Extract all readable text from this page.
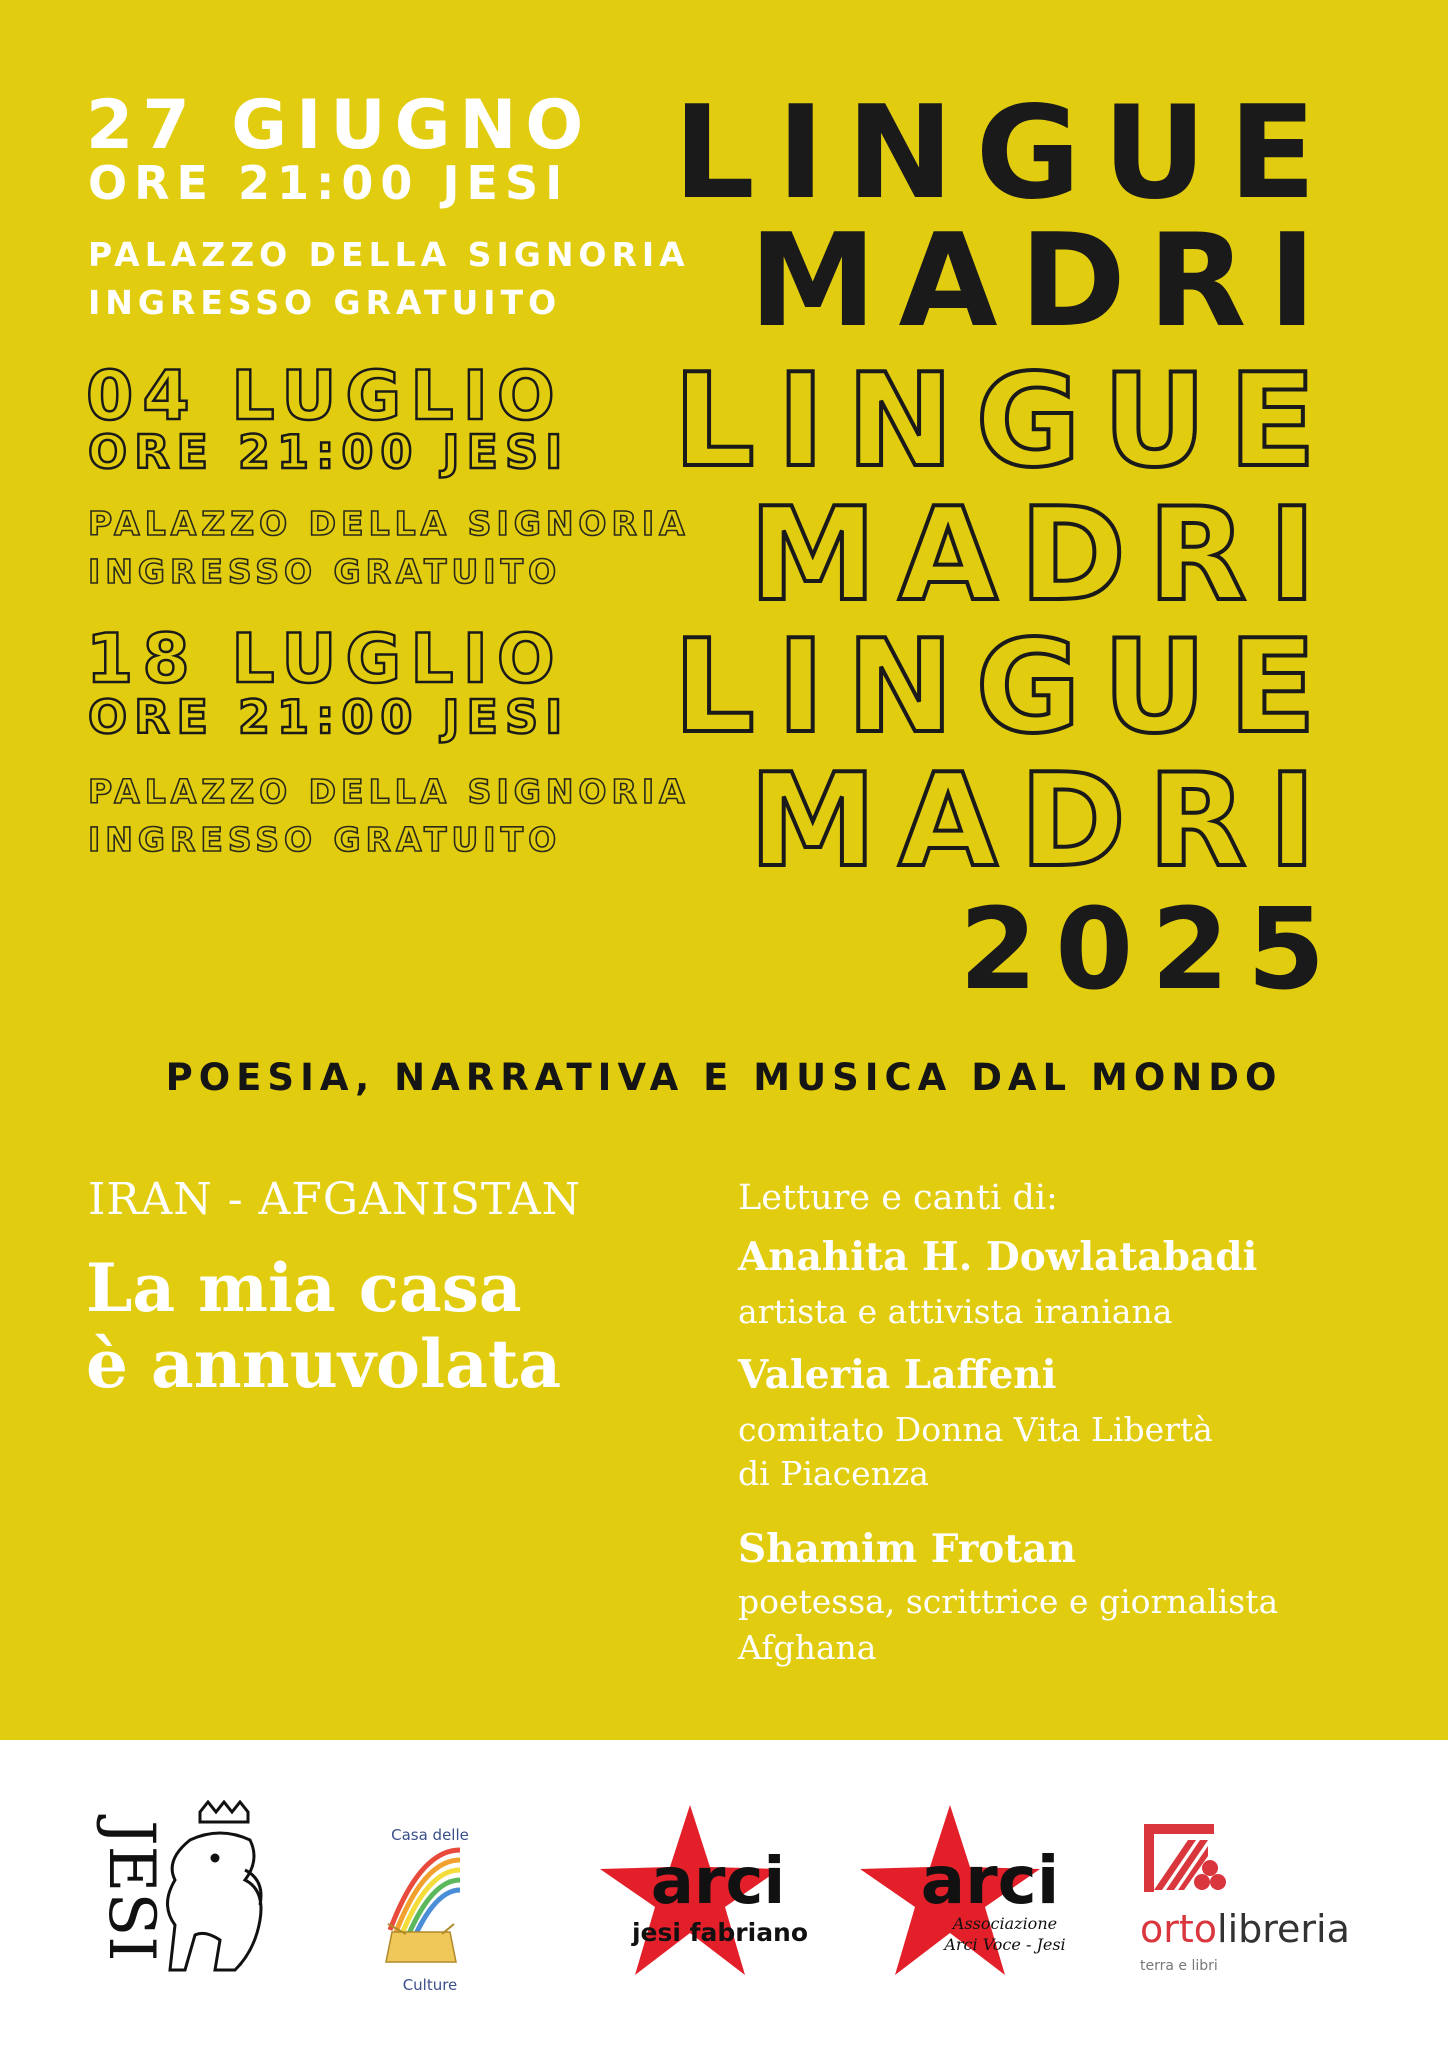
27 GIUGNO
ORE 21:00 JESI
PALAZZO DELLA SIGNORIA
INGRESSO GRATUITO
04 LUGLIO
ORE 21:00 JESI
PALAZZO DELLA SIGNORIA
INGRESSO GRATUITO
18 LUGLIO
ORE 21:00 JESI
PALAZZO DELLA SIGNORIA
INGRESSO GRATUITO
LINGUE
MADRI
LINGUE
MADRI
LINGUE
MADRI
2025
POESIA, NARRATIVA E MUSICA DAL MONDO
IRAN - AFGANISTAN
La mia casa
è annuvolata
Letture e canti di:
Anahita H. Dowlatabadi
artista e attivista iraniana
Valeria Laffeni
comitato Donna Vita Libertà
di Piacenza
Shamim Frotan
poetessa, scrittrice e giornalista
Afghana
JESI	Casa delle
Culture
arci
jesi fabriano
arci
Associazione
Arci Voce - Jesi ortolibreria
terra e libri
